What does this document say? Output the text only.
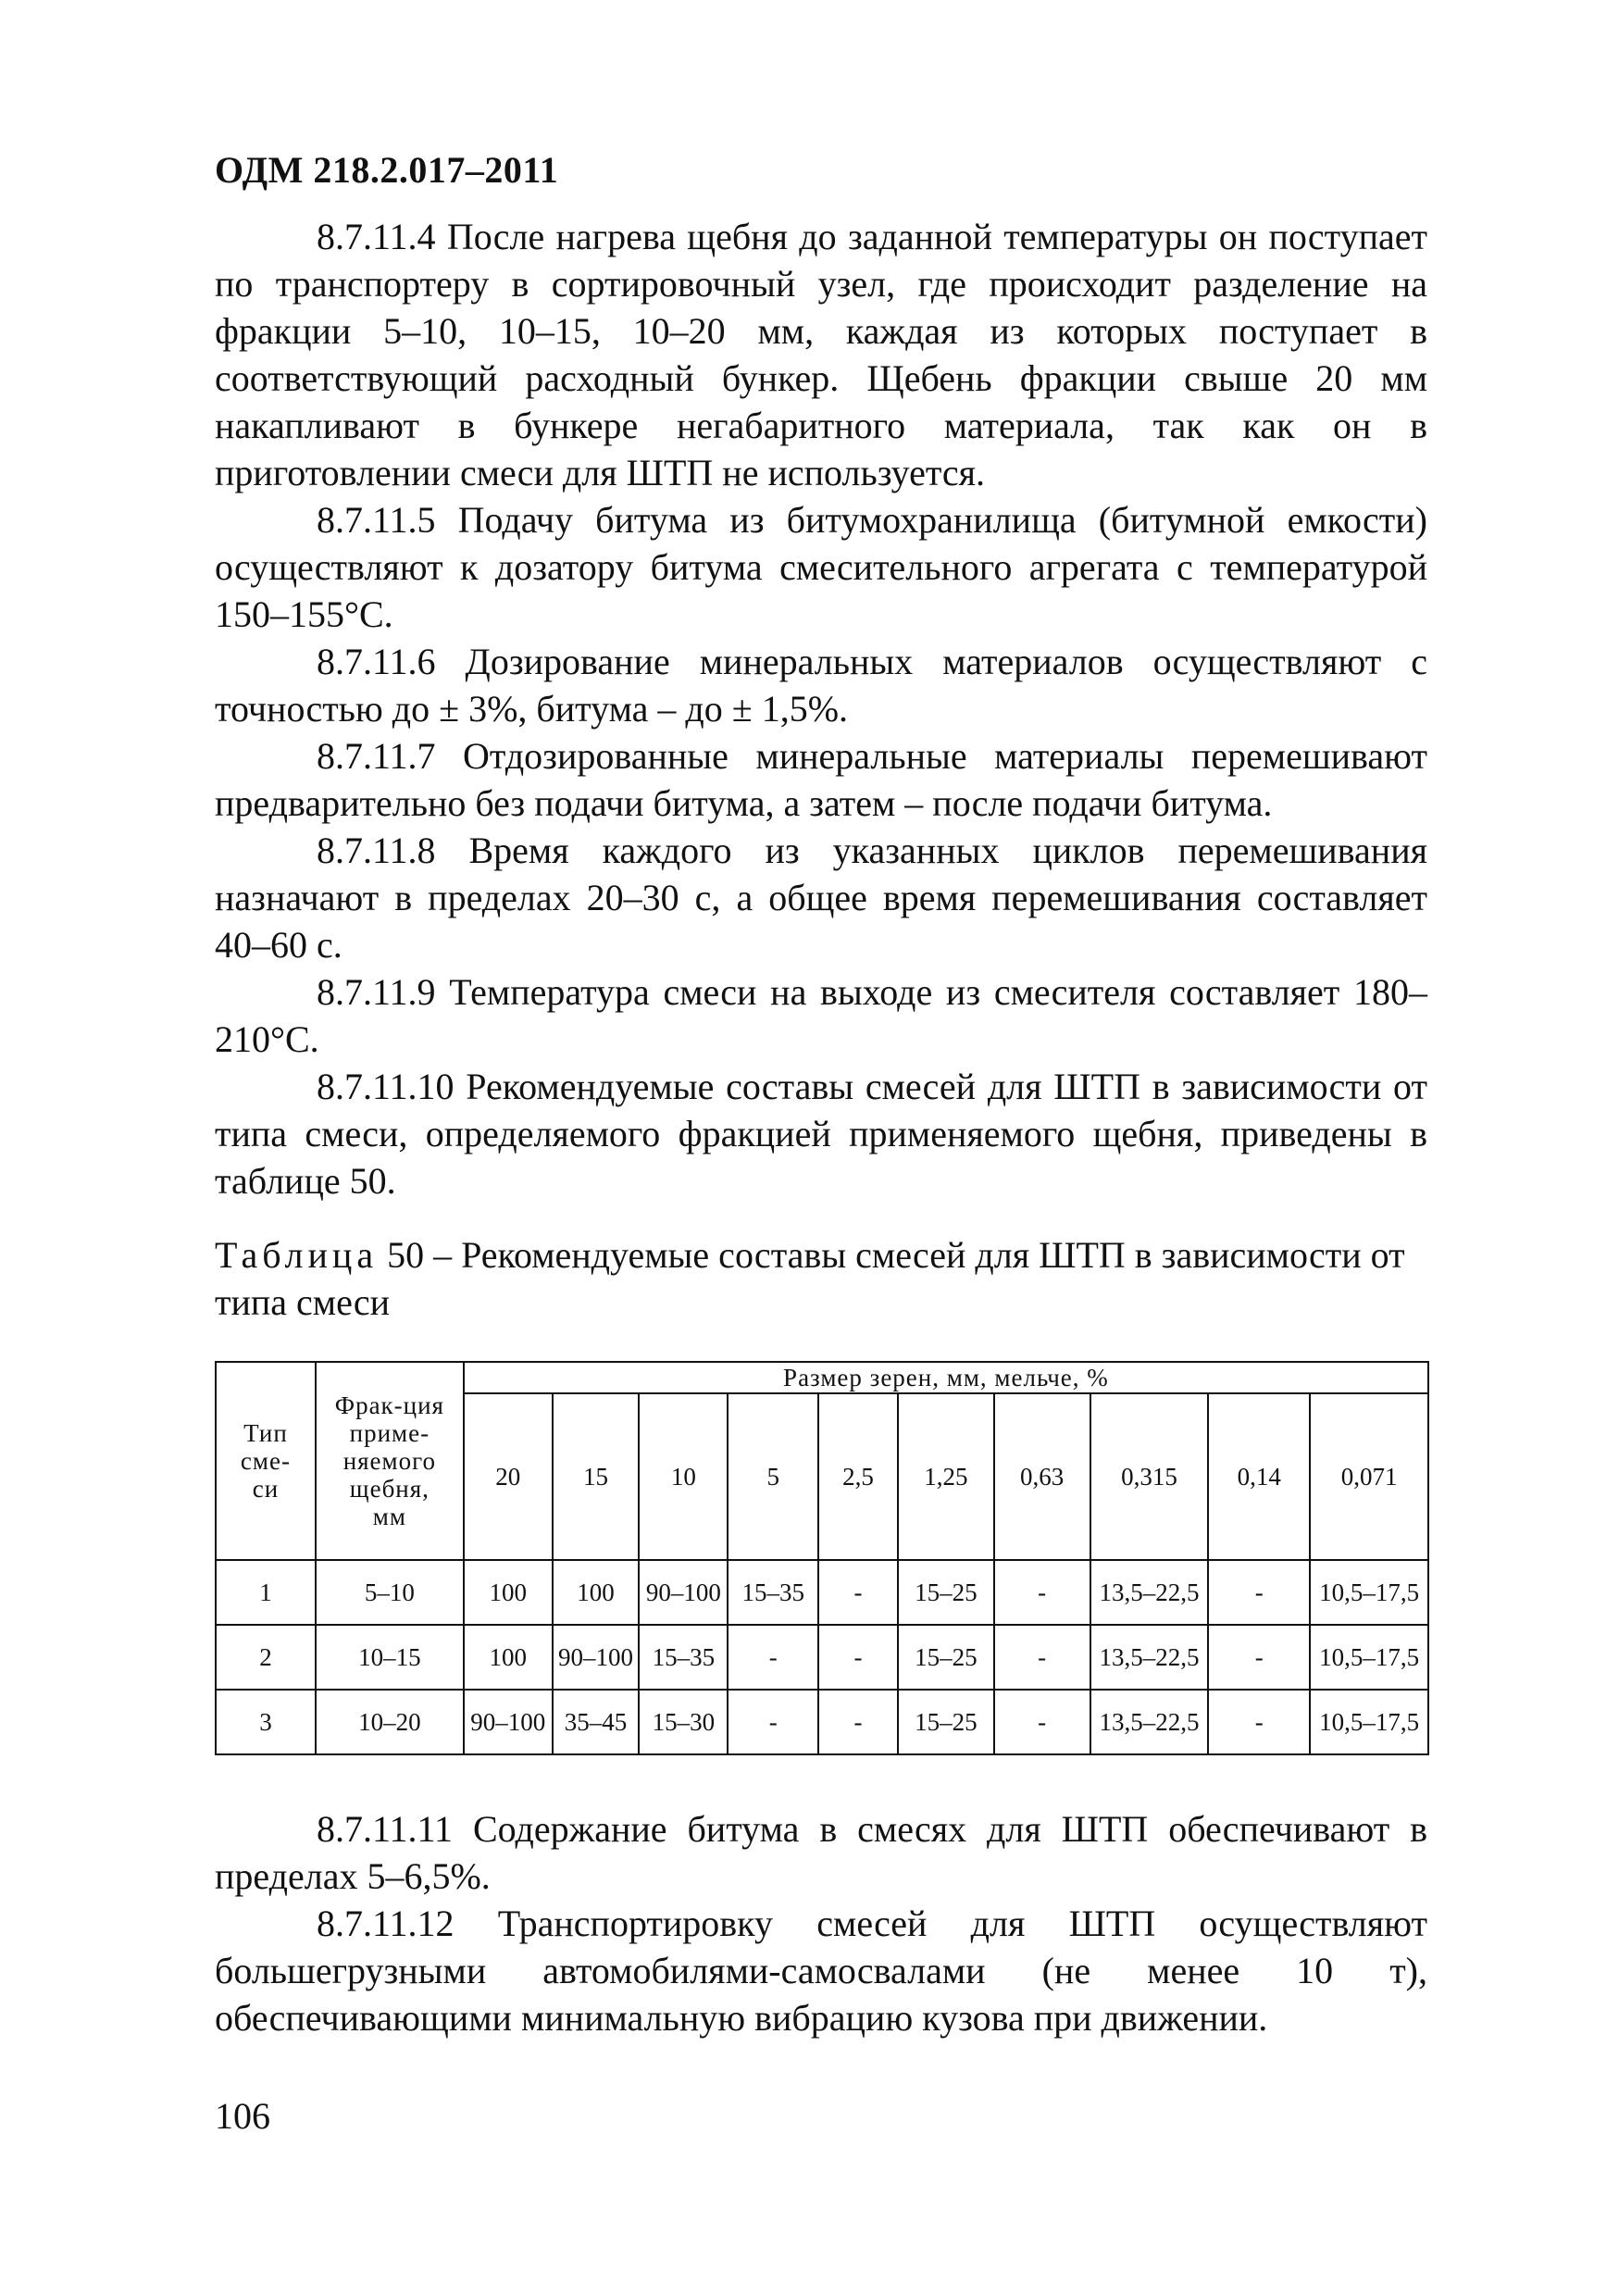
ОДМ 218.2.017–2011

8.7.11.4 После нагрева щебня до заданной температуры он поступает по транспортеру в сортировочный узел, где происходит разделение на фракции 5–10, 10–15, 10–20 мм, каждая из которых поступает в соответствующий расходный бункер. Щебень фракции свыше 20 мм накапливают в бункере негабаритного материала, так как он в приготовлении смеси для ШТП не используется.

8.7.11.5 Подачу битума из битумохранилища (битумной емкости) осуществляют к дозатору битума смесительного агрегата с температурой 150–155°С.

8.7.11.6 Дозирование минеральных материалов осуществляют с точностью до ± 3%, битума – до ± 1,5%.

8.7.11.7 Отдозированные минеральные материалы перемешивают предварительно без подачи битума, а затем – после подачи битума.

8.7.11.8 Время каждого из указанных циклов перемешивания назначают в пределах 20–30 с, а общее время перемешивания составляет 40–60 с.

8.7.11.9 Температура смеси на выходе из смесителя составляет 180–210°С.

8.7.11.10 Рекомендуемые составы смесей для ШТП в зависимости от типа смеси, определяемого фракцией применяемого щебня, приведены в таблице 50.

Таблица 50 – Рекомендуемые составы смесей для ШТП в зависимости от типа смеси
Тип сме-си	Фрак-ция приме-няемого щебня, мм	Размер зерен, мм, мельче, %									
		20	15	10	5	2,5	1,25	0,63	0,315	0,14	0,071
1	5–10	100	100	90–100	15–35	-	15–25	-	13,5–22,5	-	10,5–17,5
2	10–15	100	90–100	15–35	-	-	15–25	-	13,5–22,5	-	10,5–17,5
3	10–20	90–100	35–45	15–30	-	-	15–25	-	13,5–22,5	-	10,5–17,5

8.7.11.11 Содержание битума в смесях для ШТП обеспечивают в пределах 5–6,5%.

8.7.11.12 Транспортировку смесей для ШТП осуществляют большегрузными автомобилями-самосвалами (не менее 10 т), обеспечивающими минимальную вибрацию кузова при движении.

106
